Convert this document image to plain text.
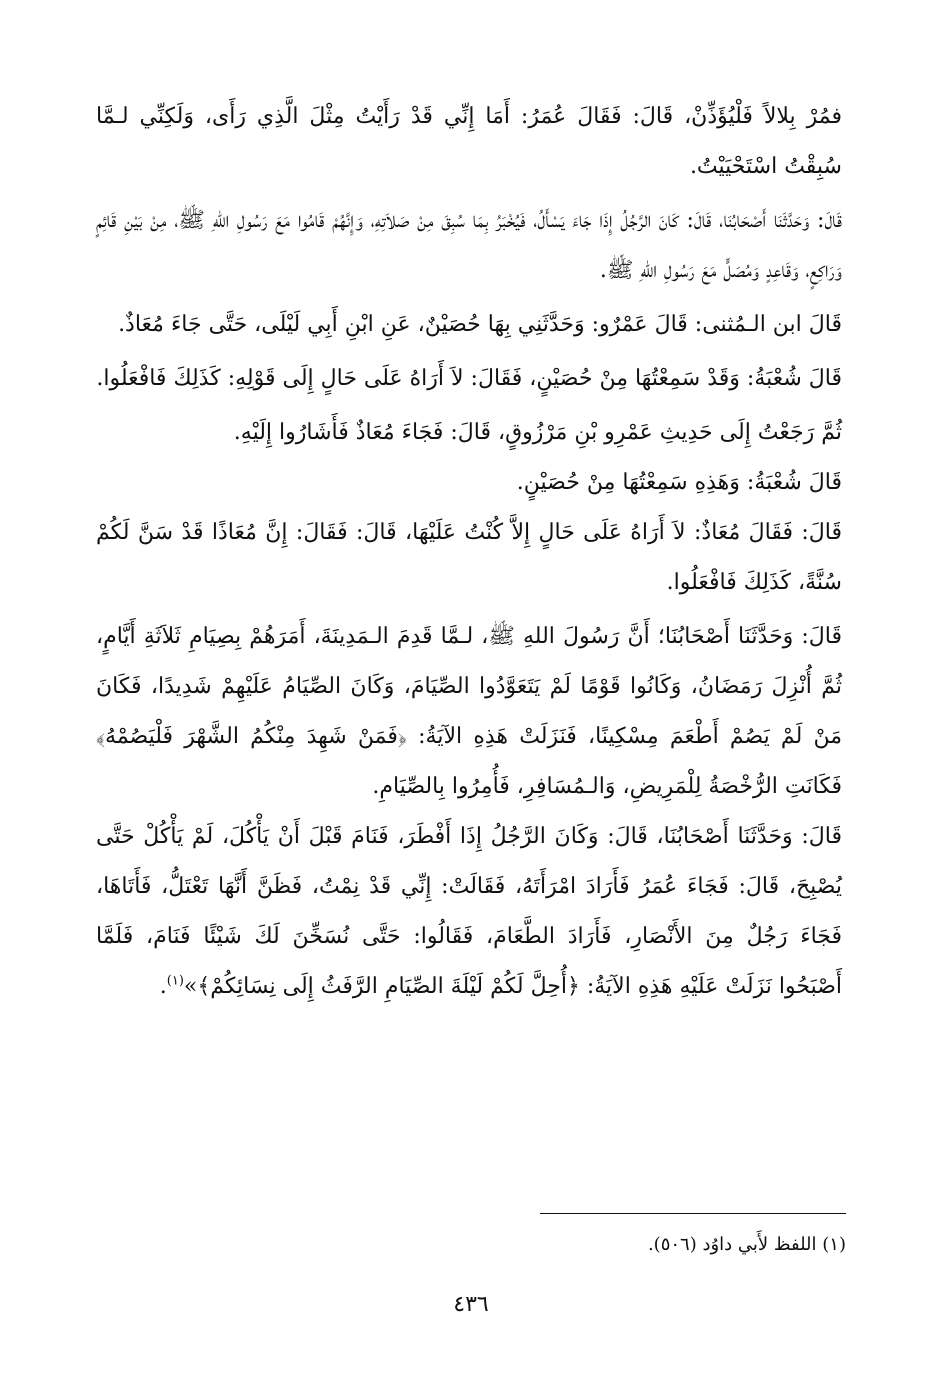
فمُرْ بِلالاً فَلْيُؤَذِّنْ، قَالَ: فَقَالَ عُمَرُ: أَمَا إِنِّي قَدْ رَأَيْتُ مِثْلَ الَّذِي رَأَى، وَلَكِنِّي لـمَّا سُبِقْتُ اسْتَحْيَيْتُ.

قَالَ: وَحَدَّثَنَا أَصْحَابُنَا، قَالَ: كَانَ الرَّجُلُ إِذَا جَاءَ يَسْأَلُ، فَيُخْبَرُ بِمَا سُبِقَ مِنْ صَلاَتِهِ، وَإِنَّهُمْ قَامُوا مَعَ رَسُولِ اللهِ ﷺ، مِنْ بَيْنِ قَائِمٍ وَرَاكِعٍ، وَقَاعِدٍ وَمُصَلٍّ مَعَ رَسُولِ اللهِ ﷺ.

قَالَ ابن الـمُثنى: قَالَ عَمْرٌو: وَحَدَّثَنِي بِهَا حُصَيْنٌ، عَنِ ابْنِ أَبِي لَيْلَى، حَتَّى جَاءَ مُعَاذٌ.

قَالَ شُعْبَةُ: وَقَدْ سَمِعْتُهَا مِنْ حُصَيْنٍ، فَقَالَ: لاَ أَرَاهُ عَلَى حَالٍ إِلَى قَوْلِهِ: كَذَلِكَ فَافْعَلُوا.

ثُمَّ رَجَعْتُ إِلَى حَدِيثِ عَمْرِو بْنِ مَرْزُوقٍ، قَالَ: فَجَاءَ مُعَاذٌ فَأَشَارُوا إِلَيْهِ.

قَالَ شُعْبَةُ: وَهَذِهِ سَمِعْتُهَا مِنْ حُصَيْنٍ.

قَالَ: فَقَالَ مُعَاذٌ: لاَ أَرَاهُ عَلَى حَالٍ إِلاَّ كُنْتُ عَلَيْهَا، قَالَ: فَقَالَ: إِنَّ مُعَاذًا قَدْ سَنَّ لَكُمْ سُنَّةً، كَذَلِكَ فَافْعَلُوا.

قَالَ: وَحَدَّثَنَا أَصْحَابُنَا؛ أَنَّ رَسُولَ اللهِ ﷺ، لـمَّا قَدِمَ الـمَدِينَةَ، أَمَرَهُمْ بِصِيَامِ ثَلاَثَةِ أَيَّامٍ، ثُمَّ أُنْزِلَ رَمَضَانُ، وَكَانُوا قَوْمًا لَمْ يَتَعَوَّدُوا الصِّيَامَ، وَكَانَ الصِّيَامُ عَلَيْهِمْ شَدِيدًا، فَكَانَ مَنْ لَمْ يَصُمْ أَطْعَمَ مِسْكِينًا، فَنَزَلَتْ هَذِهِ الآيَةُ: ﴿فَمَنْ شَهِدَ مِنْكُمُ الشَّهْرَ فَلْيَصُمْهُ﴾ فَكَانَتِ الرُّخْصَةُ لِلْمَرِيضِ، وَالـمُسَافِرِ، فَأُمِرُوا بِالصِّيَامِ.

قَالَ: وَحَدَّثَنَا أَصْحَابُنَا، قَالَ: وَكَانَ الرَّجُلُ إِذَا أَفْطَرَ، فَنَامَ قَبْلَ أَنْ يَأْكُلَ، لَمْ يَأْكُلْ حَتَّى يُصْبِحَ، قَالَ: فَجَاءَ عُمَرُ فَأَرَادَ امْرَأَتَهُ، فَقَالَتْ: إِنِّي قَدْ نِمْتُ، فَظَنَّ أَنَّهَا تَعْتَلُّ، فَأَتَاهَا، فَجَاءَ رَجُلٌ مِنَ الأَنْصَارِ، فَأَرَادَ الطَّعَامَ، فَقَالُوا: حَتَّى نُسَخِّنَ لَكَ شَيْئًا فَنَامَ، فَلَمَّا أَصْبَحُوا نَزَلَتْ عَلَيْهِ هَذِهِ الآيَةُ: ﴿أُحِلَّ لَكُمْ لَيْلَةَ الصِّيَامِ الرَّفَثُ إِلَى نِسَائِكُمْ﴾»$^{(١)}$.

(١) اللفظ لأَبي داوُد (٥٠٦).
٤٣٦
